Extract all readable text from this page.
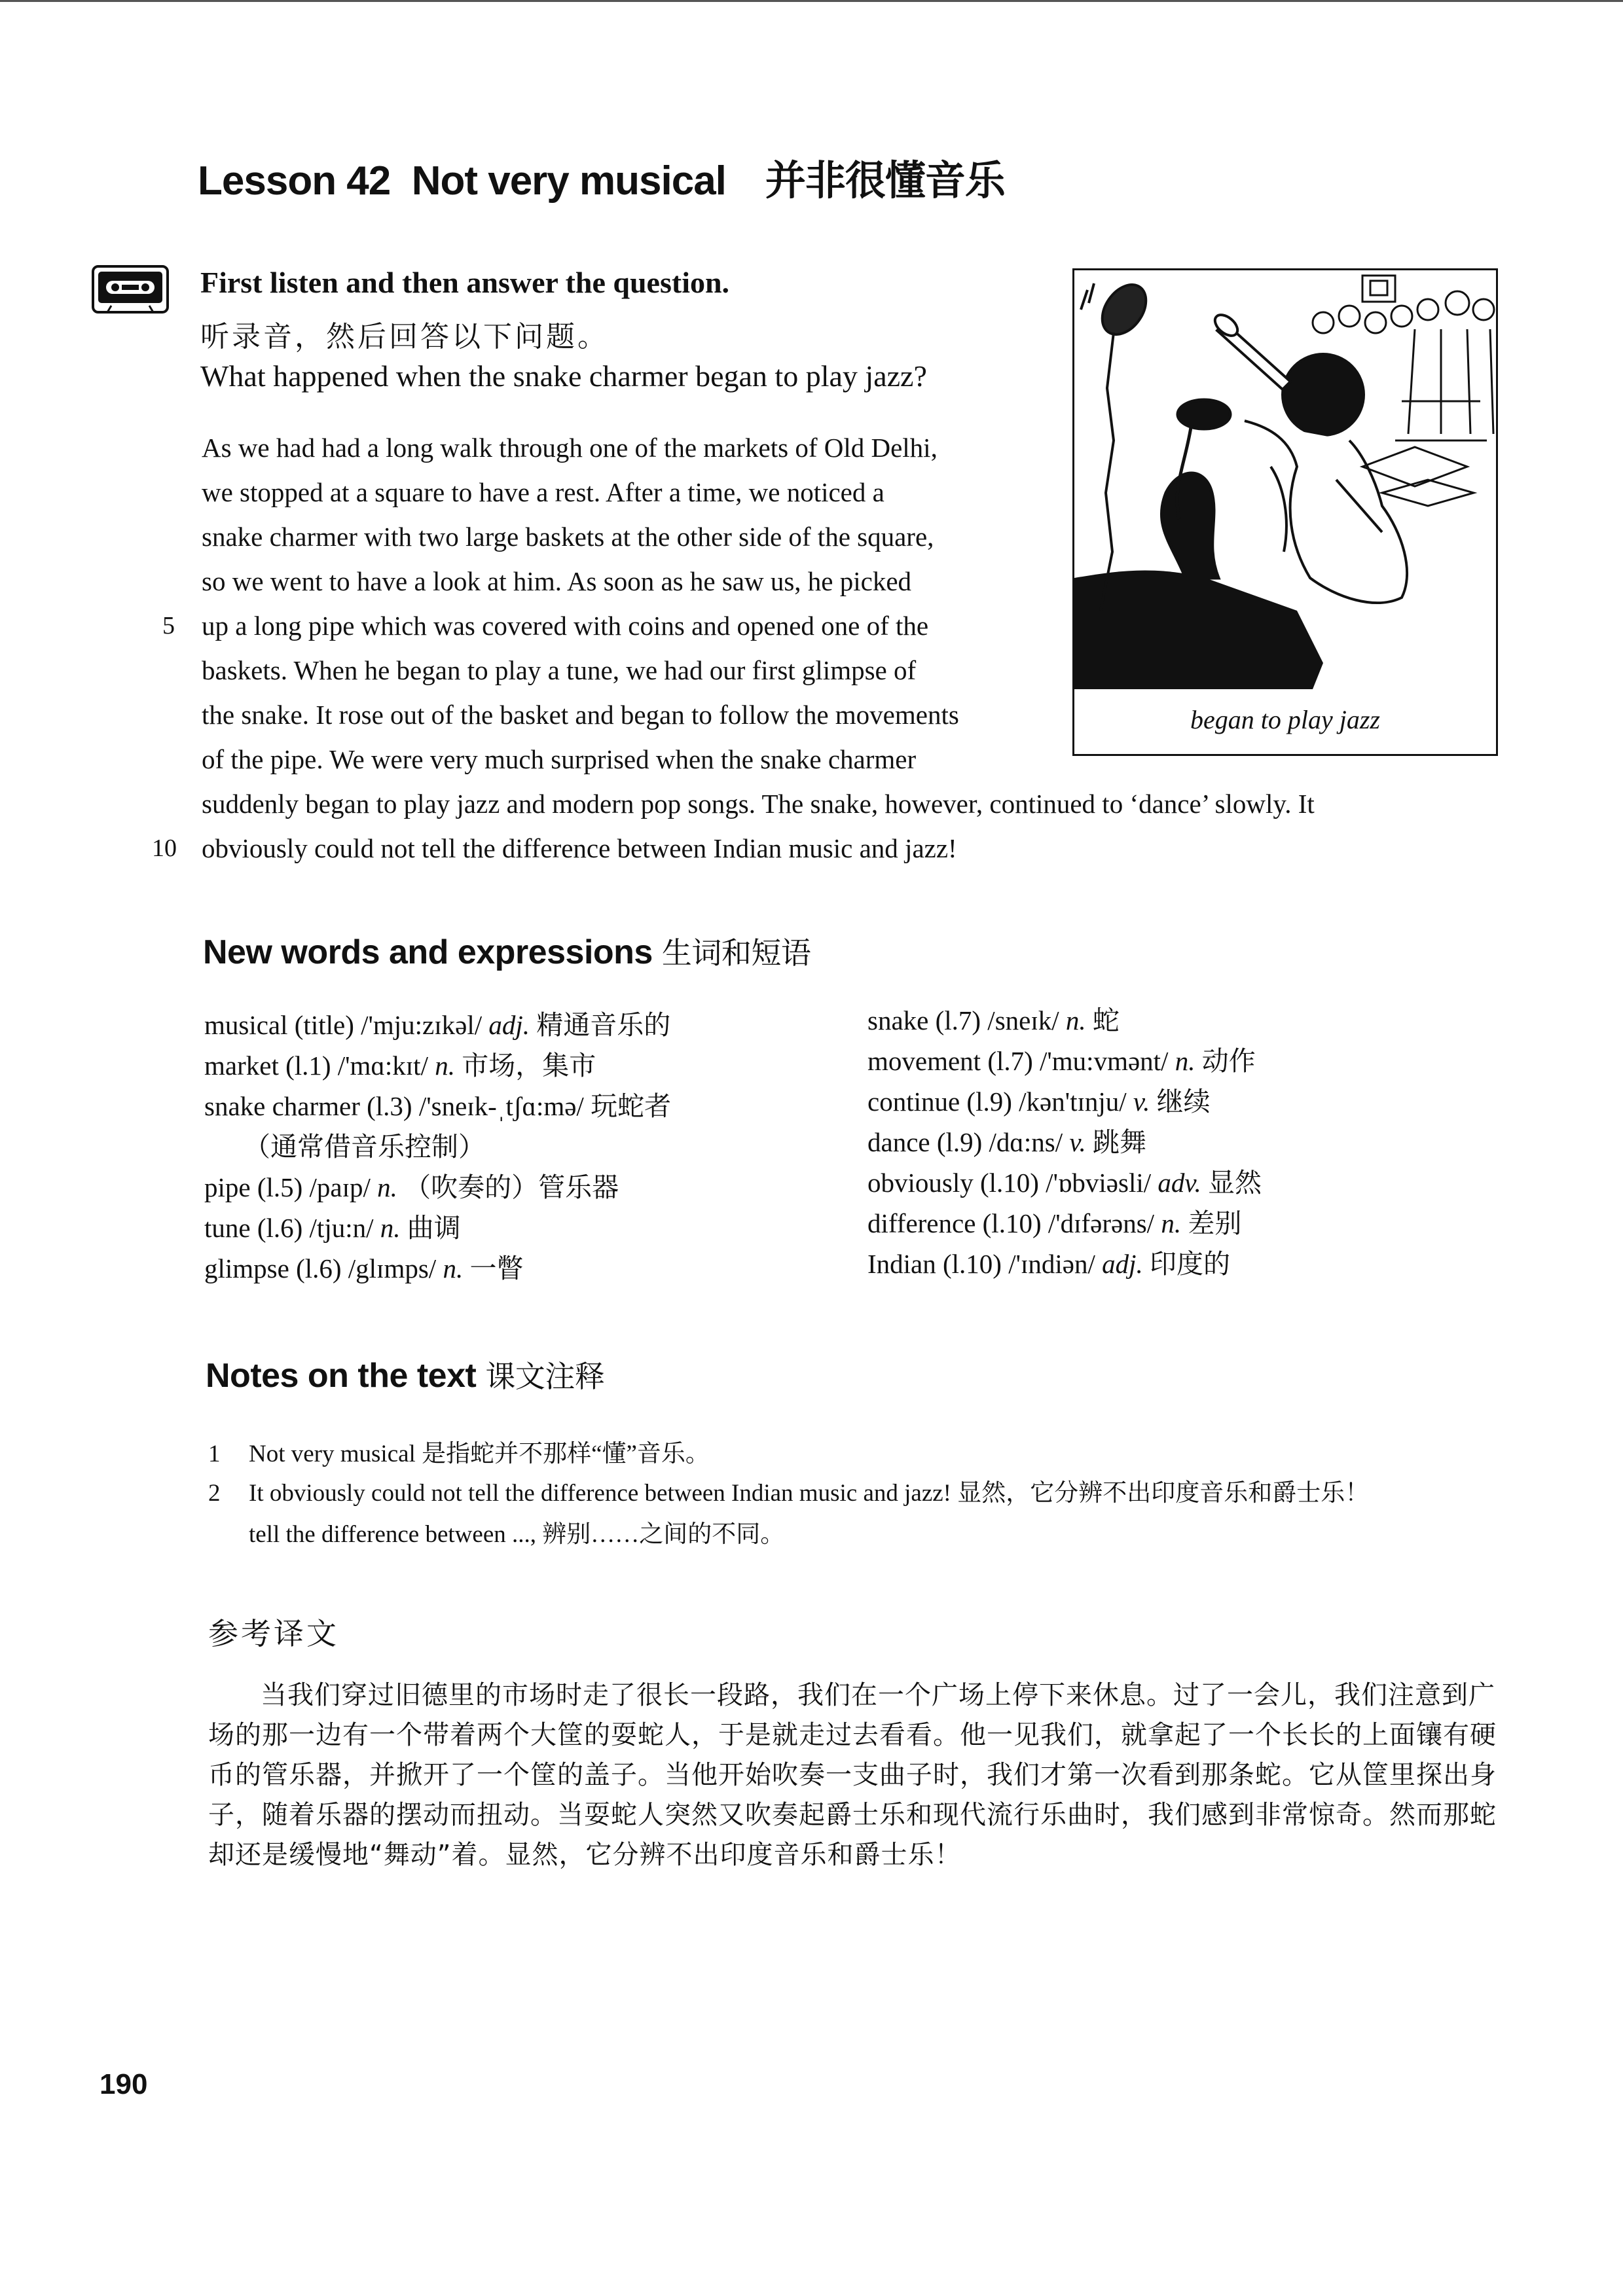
Lesson 42  Not very musical 并非很懂音乐
First listen and then answer the question.
听录音，然后回答以下问题。
What happened when the snake charmer began to play jazz?
As we had had a long walk through one of the markets of Old Delhi,
we stopped at a square to have a rest. After a time, we noticed a
snake charmer with two large baskets at the other side of the square,
so we went to have a look at him. As soon as he saw us, he picked
up a long pipe which was covered with coins and opened one of the
baskets. When he began to play a tune, we had our first glimpse of
the snake. It rose out of the basket and began to follow the movements
of the pipe. We were very much surprised when the snake charmer
suddenly began to play jazz and modern pop songs. The snake, however, continued to ‘dance’ slowly. It
obviously could not tell the difference between Indian music and jazz!
5
10
began to play jazz
New words and expressions 生词和短语
musical (title) /'mju:zɪkəl/ adj. 精通音乐的
market (l.1) /'mɑ:kɪt/ n. 市场，集市
snake charmer (l.3) /'sneɪk-ˌtʃɑ:mə/ 玩蛇者
（通常借音乐控制）
pipe (l.5) /paɪp/ n. （吹奏的）管乐器
tune (l.6) /tju:n/ n. 曲调
glimpse (l.6) /glɪmps/ n. 一瞥
snake (l.7) /sneɪk/ n. 蛇
movement (l.7) /'mu:vmənt/ n. 动作
continue (l.9) /kən'tɪnju/ v. 继续
dance (l.9) /dɑ:ns/ v. 跳舞
obviously (l.10) /'ɒbviəsli/ adv. 显然
difference (l.10) /'dɪfərəns/ n. 差别
Indian (l.10) /'ɪndiən/ adj. 印度的
Notes on the text 课文注释
1 Not very musical 是指蛇并不那样“懂”音乐。
2 It obviously could not tell the difference between Indian music and jazz! 显然，它分辨不出印度音乐和爵士乐！
tell the difference between ..., 辨别……之间的不同。
参考译文
当我们穿过旧德里的市场时走了很长一段路，我们在一个广场上停下来休息。过了一会儿，我们注意到广场的那一边有一个带着两个大筐的耍蛇人，于是就走过去看看。他一见我们，就拿起了一个长长的上面镶有硬币的管乐器，并掀开了一个筐的盖子。当他开始吹奏一支曲子时，我们才第一次看到那条蛇。它从筐里探出身子，随着乐器的摆动而扭动。当耍蛇人突然又吹奏起爵士乐和现代流行乐曲时，我们感到非常惊奇。然而那蛇却还是缓慢地“舞动”着。显然，它分辨不出印度音乐和爵士乐！
190
